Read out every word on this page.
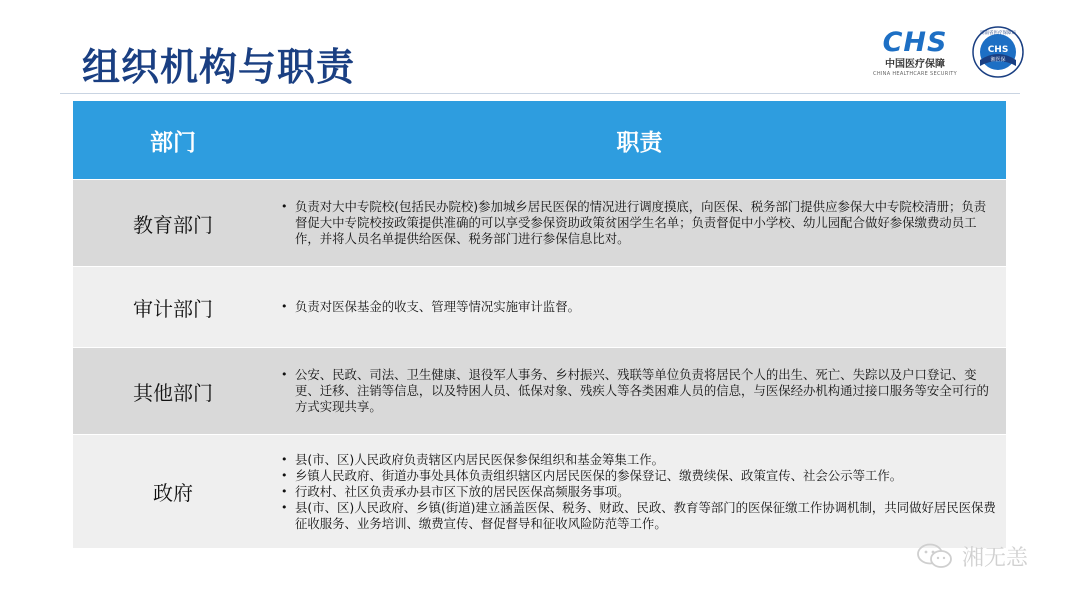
组织机构与职责
CHS
中国医疗保障
CHINA HEALTHCARE SECURITY
CHS
湘医保
湖南省医疗保障局
部门	职责
教育部门
• 负责对大中专院校(包括民办院校)参加城乡居民医保的情况进行调度摸底，向医保、税务部门提供应参保大中专院校清册；负责督促大中专院校按政策提供准确的可以享受参保资助政策贫困学生名单；负责督促中小学校、幼儿园配合做好参保缴费动员工作，并将人员名单提供给医保、税务部门进行参保信息比对。
审计部门
•	负责对医保基金的收支、管理等情况实施审计监督。
其他部门
• 公安、民政、司法、卫生健康、退役军人事务、乡村振兴、残联等单位负责将居民个人的出生、死亡、失踪以及户口登记、变更、迁移、注销等信息，以及特困人员、低保对象、残疾人等各类困难人员的信息，与医保经办机构通过接口服务等安全可行的方式实现共享。
政府
• 县(市、区)人民政府负责辖区内居民医保参保组织和基金筹集工作。
• 乡镇人民政府、街道办事处具体负责组织辖区内居民医保的参保登记、缴费续保、政策宣传、社会公示等工作。
• 行政村、社区负责承办县市区下放的居民医保高频服务事项。
• 县(市、区)人民政府、乡镇(街道)建立涵盖医保、税务、财政、民政、教育等部门的医保征缴工作协调机制，共同做好居民医保费征收服务、业务培训、缴费宣传、督促督导和征收风险防范等工作。
湘无恙
